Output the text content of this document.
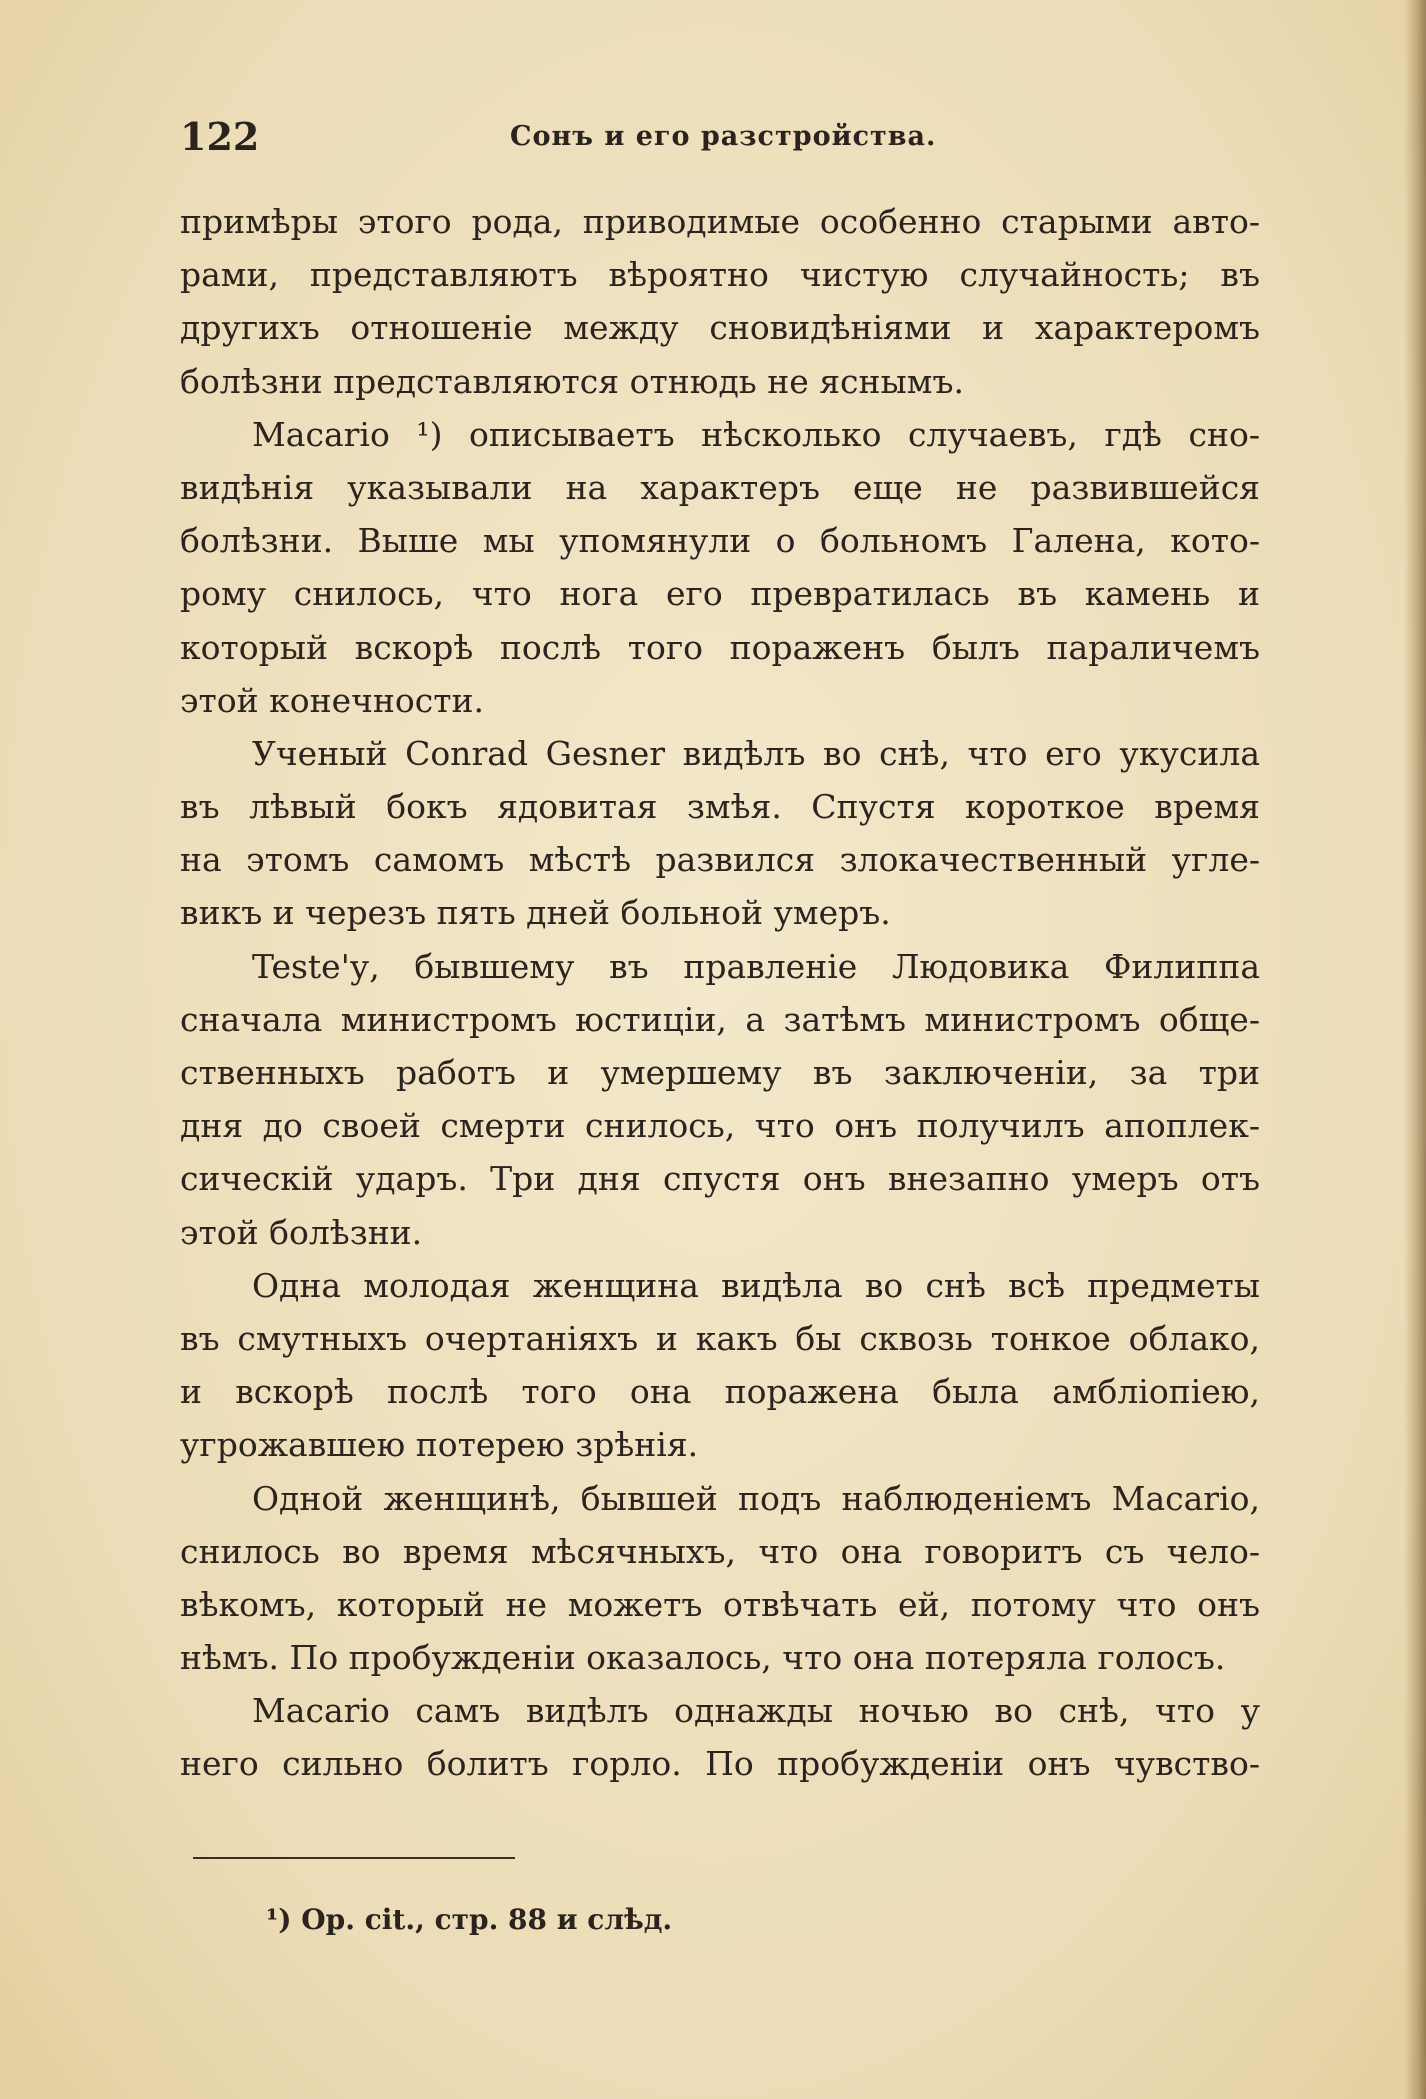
122	Сонъ и его разстройства.
примѣры этого рода, приводимые особенно старыми авто-
рами, представляютъ вѣроятно чистую случайность; въ
другихъ отношеніе между сновидѣніями и характеромъ
болѣзни представляются отнюдь не яснымъ.
Macario ¹) описываетъ нѣсколько случаевъ, гдѣ сно-
видѣнія указывали на характеръ еще не развившейся
болѣзни. Выше мы упомянули о больномъ Галена, кото-
рому снилось, что нога его превратилась въ камень и
который вскорѣ послѣ того пораженъ былъ параличемъ
этой конечности.
Ученый Conrad Gesner видѣлъ во снѣ, что его укусила
въ лѣвый бокъ ядовитая змѣя. Спустя короткое время
на этомъ самомъ мѣстѣ развился злокачественный угле-
викъ и черезъ пять дней больной умеръ.
Teste'у, бывшему въ правленіе Людовика Филиппа
сначала министромъ юстиціи, а затѣмъ министромъ обще-
ственныхъ работъ и умершему въ заключеніи, за три
дня до своей смерти снилось, что онъ получилъ апоплек-
сическій ударъ. Три дня спустя онъ внезапно умеръ отъ
этой болѣзни.
Одна молодая женщина видѣла во снѣ всѣ предметы
въ смутныхъ очертаніяхъ и какъ бы сквозь тонкое облако,
и вскорѣ послѣ того она поражена была амбліопіею,
угрожавшею потерею зрѣнія.
Одной женщинѣ, бывшей подъ наблюденіемъ Macario,
снилось во время мѣсячныхъ, что она говоритъ съ чело-
вѣкомъ, который не можетъ отвѣчать ей, потому что онъ
нѣмъ. По пробужденіи оказалось, что она потеряла голосъ.
Macario самъ видѣлъ однажды ночью во снѣ, что у
него сильно болитъ горло. По пробужденіи онъ чувство-
¹) Op. cit., стр. 88 и слѣд.
